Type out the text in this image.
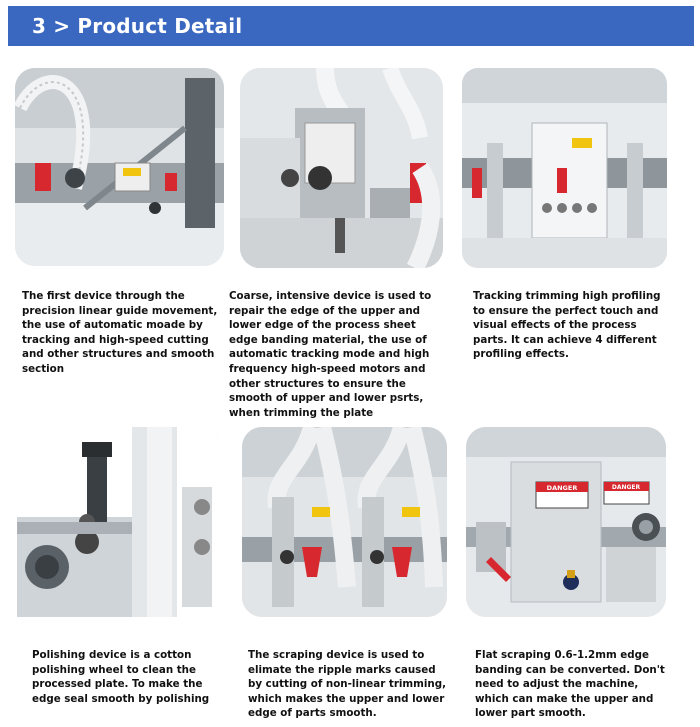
3 > Product Detail
DANGER	DANGER
The first device through the precision linear guide movement, the use of automatic moade by tracking and high-speed cutting and other structures and smooth section
Coarse, intensive device is used to repair the edge of the upper and lower edge of the process sheet edge banding material, the use of automatic tracking mode and high frequency high-speed motors and other structures to ensure the smooth of upper and lower psrts, when trimming the plate
Tracking trimming high profiling to ensure the perfect touch and visual effects of the process parts. It can achieve 4 different profiling effects.
Polishing device is a cotton polishing wheel to clean the processed plate. To make the edge seal smooth by polishing
The scraping device is used to elimate the ripple marks caused by cutting of non-linear trimming, which makes the upper and lower edge of parts smooth.
Flat scraping 0.6-1.2mm edge banding can be converted. Don't need to adjust the machine, which can make the upper and lower part smooth.
